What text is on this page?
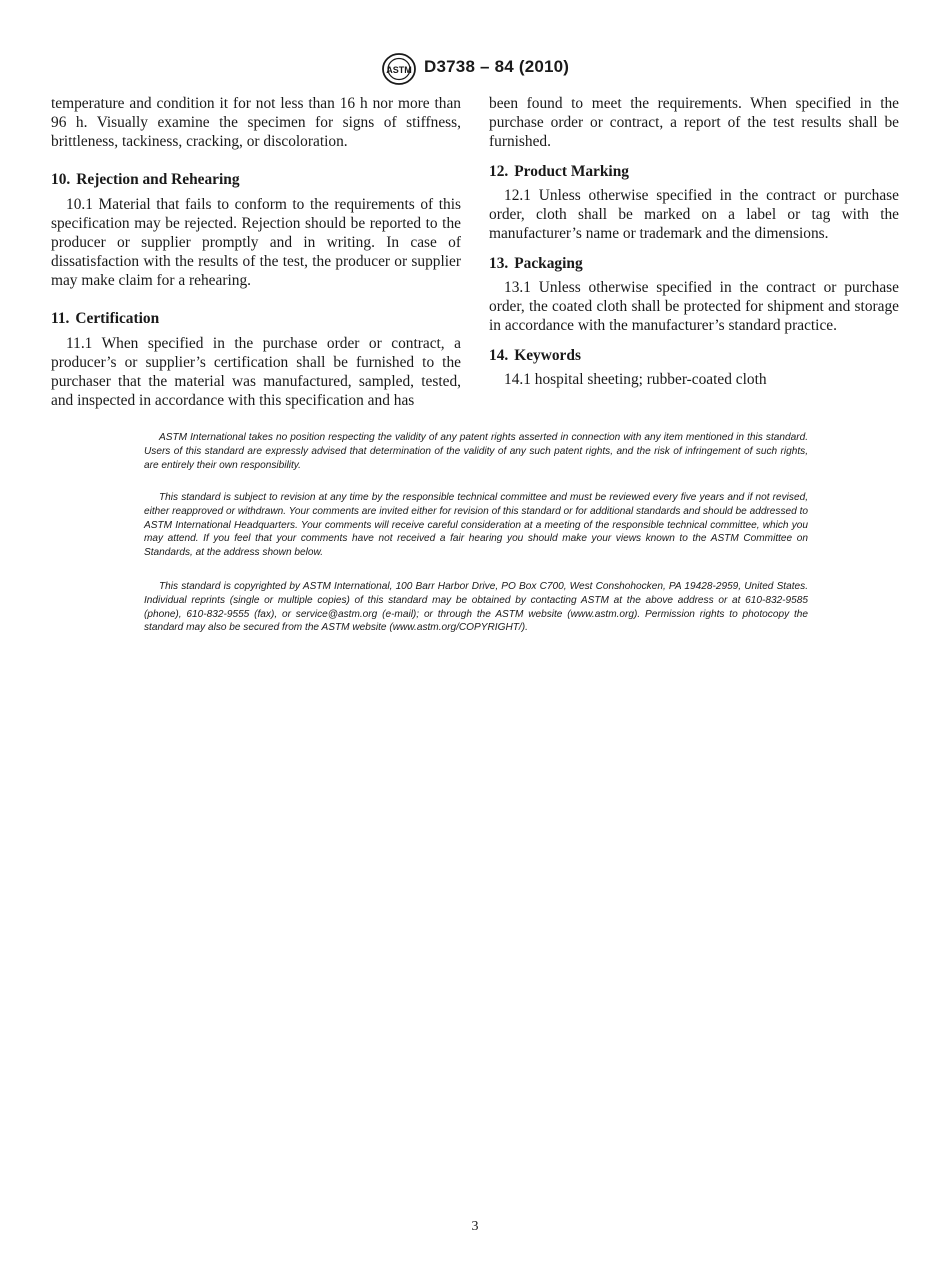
ASTM D3738 – 84 (2010)

temperature and condition it for not less than 16 h nor more than 96 h. Visually examine the specimen for signs of stiffness, brittleness, tackiness, cracking, or discoloration.

10. Rejection and Rehearing

10.1 Material that fails to conform to the requirements of this specification may be rejected. Rejection should be reported to the producer or supplier promptly and in writing. In case of dissatisfaction with the results of the test, the producer or supplier may make claim for a rehearing.

11. Certification

11.1 When specified in the purchase order or contract, a producer’s or supplier’s certification shall be furnished to the purchaser that the material was manufactured, sampled, tested, and inspected in accordance with this specification and has

been found to meet the requirements. When specified in the purchase order or contract, a report of the test results shall be furnished.

12. Product Marking

12.1 Unless otherwise specified in the contract or purchase order, cloth shall be marked on a label or tag with the manufacturer’s name or trademark and the dimensions.

13. Packaging

13.1 Unless otherwise specified in the contract or purchase order, the coated cloth shall be protected for shipment and storage in accordance with the manufacturer’s standard practice.

14. Keywords

14.1 hospital sheeting; rubber-coated cloth

ASTM International takes no position respecting the validity of any patent rights asserted in connection with any item mentioned in this standard. Users of this standard are expressly advised that determination of the validity of any such patent rights, and the risk of infringement of such rights, are entirely their own responsibility.

This standard is subject to revision at any time by the responsible technical committee and must be reviewed every five years and if not revised, either reapproved or withdrawn. Your comments are invited either for revision of this standard or for additional standards and should be addressed to ASTM International Headquarters. Your comments will receive careful consideration at a meeting of the responsible technical committee, which you may attend. If you feel that your comments have not received a fair hearing you should make your views known to the ASTM Committee on Standards, at the address shown below.

This standard is copyrighted by ASTM International, 100 Barr Harbor Drive, PO Box C700, West Conshohocken, PA 19428-2959, United States. Individual reprints (single or multiple copies) of this standard may be obtained by contacting ASTM at the above address or at 610-832-9585 (phone), 610-832-9555 (fax), or service@astm.org (e-mail); or through the ASTM website (www.astm.org). Permission rights to photocopy the standard may also be secured from the ASTM website (www.astm.org/COPYRIGHT/).

3
